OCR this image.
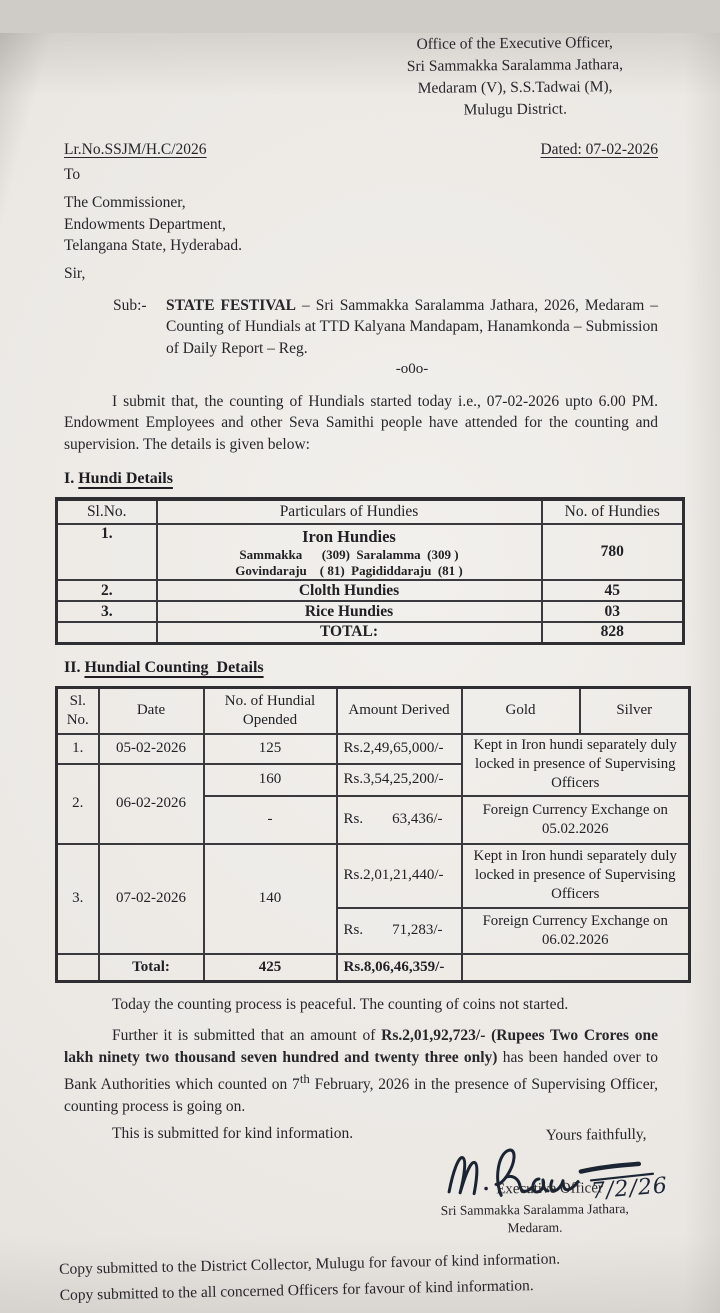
Office of the Executive Officer,
Sri Sammakka Saralamma Jathara,
Medaram (V), S.S.Tadwai (M),
Mulugu District.
Lr.No.SSJM/H.C/2026	Dated: 07-02-2026
To
The Commissioner,
Endowments Department,
Telangana State, Hyderabad.
Sir,
Sub:-	STATE FESTIVAL – Sri Sammakka Saralamma Jathara, 2026, Medaram – Counting of Hundials at TTD Kalyana Mandapam, Hanamkonda – Submission of Daily Report – Reg.
-o0o-

I submit that, the counting of Hundials started today i.e., 07-02-2026 upto 6.00 PM. Endowment Employees and other Seva Samithi people have attended for the counting and supervision. The details is given below:

I. Hundi Details
Sl.No.	Particulars of Hundies	No. of Hundies
1.	Iron Hundies
Sammakka      (309)  Saralamma  (309 )
Govindaraju    ( 81)  Pagididdaraju  (81 )	780
2.	Clolth Hundies	45
3.	Rice Hundies	03
	TOTAL:	828
II. Hundial Counting  Details
Sl. No.	Date	No. of Hundial Opended	Amount Derived	Gold	Silver
1.	05-02-2026	125	Rs.2,49,65,000/-	Kept in Iron hundi separately duly locked in presence of Supervising Officers	
2.	06-02-2026	160	Rs.3,54,25,200/-		
		-	Rs. 63,436/-	Foreign Currency Exchange on 05.02.2026	
3.	07-02-2026	140	Rs.2,01,21,440/-	Kept in Iron hundi separately duly locked in presence of Supervising Officers	

			Rs. 71,283/-	Foreign Currency Exchange on 06.02.2026	
	Total:	425	Rs.8,06,46,359/-		

Today the counting process is peaceful. The counting of coins not started.

Further it is submitted that an amount of Rs.2,01,92,723/- (Rupees Two Crores one lakh ninety two thousand seven hundred and twenty three only) has been handed over to Bank Authorities which counted on 7th February, 2026 in the presence of Supervising Officer, counting process is going on.

This is submitted for kind information.	Yours faithfully,
7/2/26
Executive Officer
Sri Sammakka Saralamma Jathara,
Medaram.
Copy submitted to the District Collector, Mulugu for favour of kind information.
Copy submitted to the all concerned Officers for favour of kind information.
